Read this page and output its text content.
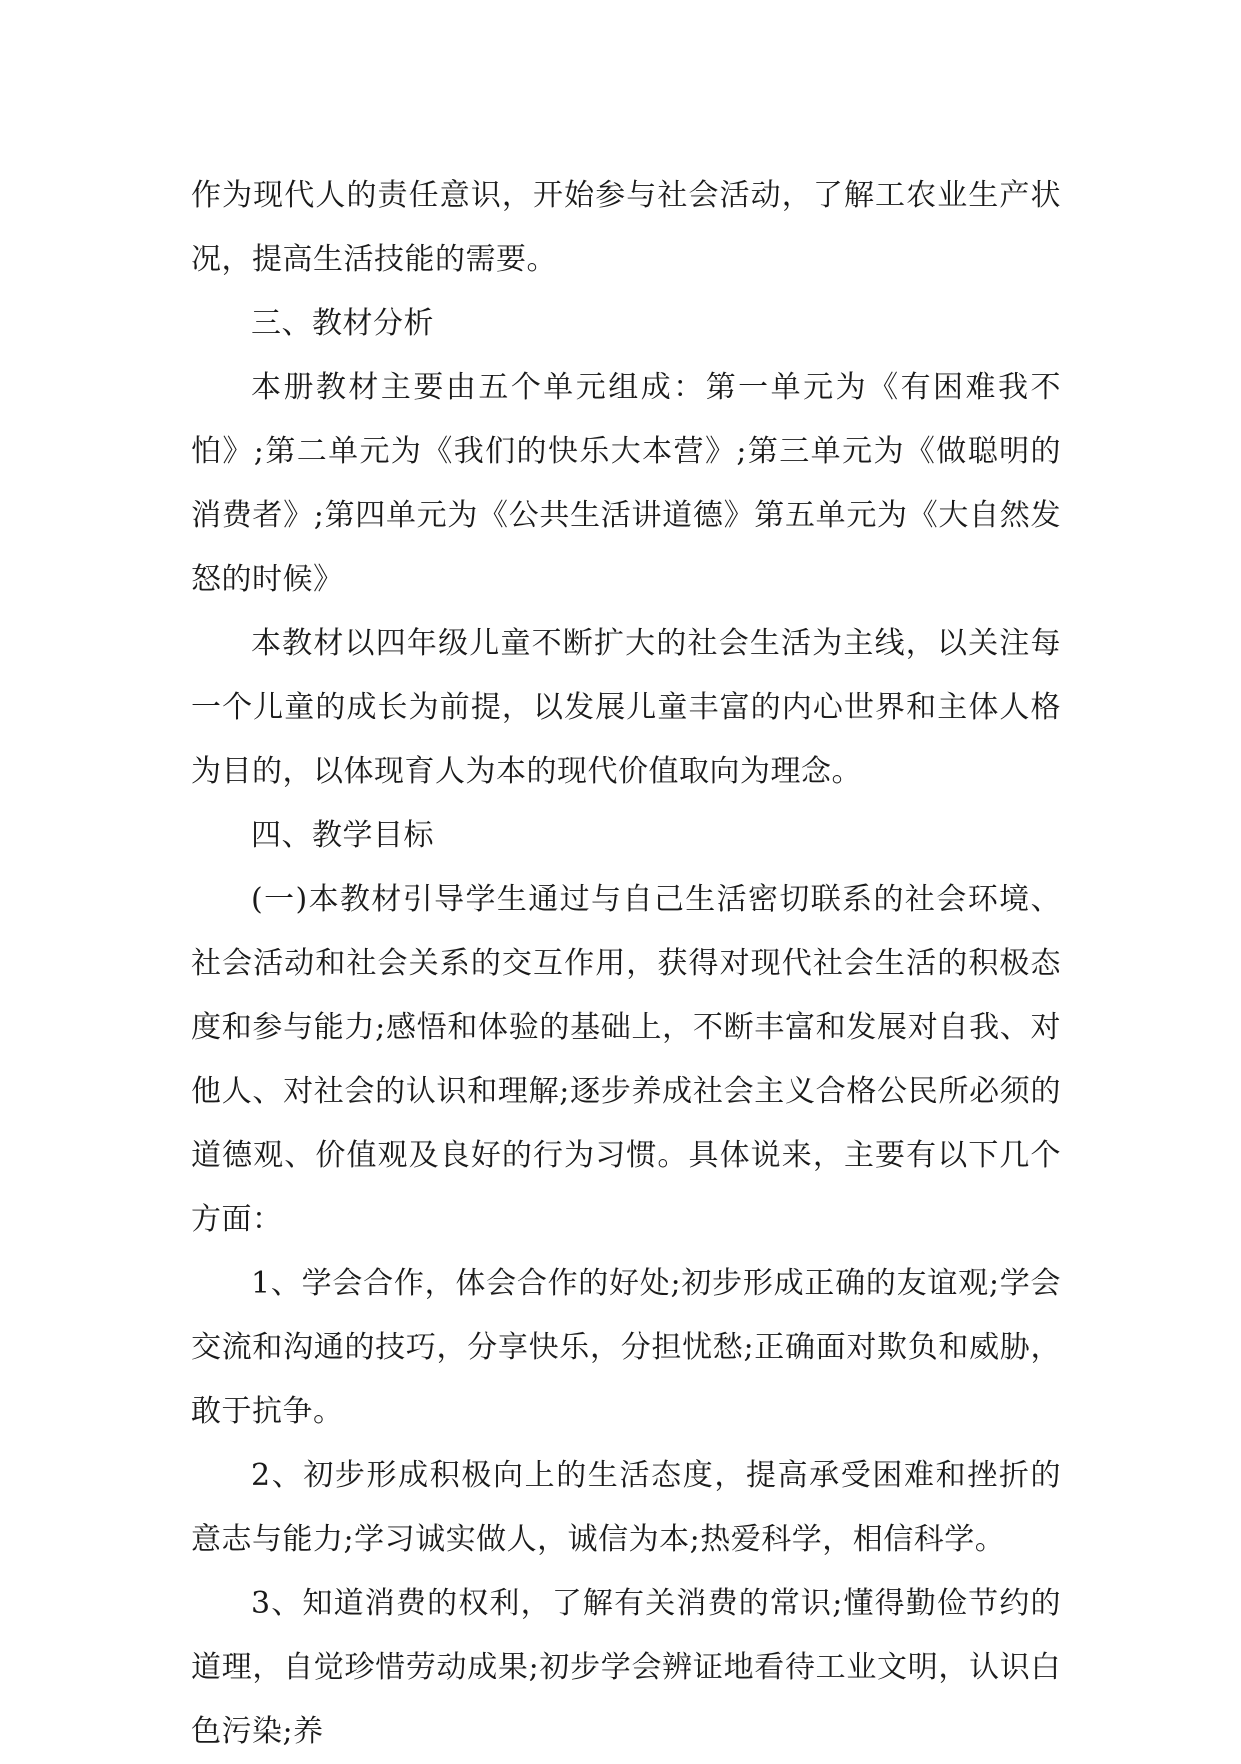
作为现代人的责任意识，开始参与社会活动，了解工农业生产状况，提高生活技能的需要。

三、教材分析

本册教材主要由五个单元组成：第一单元为《有困难我不怕》;第二单元为《我们的快乐大本营》;第三单元为《做聪明的消费者》;第四单元为《公共生活讲道德》第五单元为《大自然发怒的时候》

本教材以四年级儿童不断扩大的社会生活为主线，以关注每一个儿童的成长为前提，以发展儿童丰富的内心世界和主体人格为目的，以体现育人为本的现代价值取向为理念。

四、教学目标

(一)本教材引导学生通过与自己生活密切联系的社会环境、社会活动和社会关系的交互作用，获得对现代社会生活的积极态度和参与能力;感悟和体验的基础上，不断丰富和发展对自我、对他人、对社会的认识和理解;逐步养成社会主义合格公民所必须的道德观、价值观及良好的行为习惯。具体说来，主要有以下几个方面：

1、学会合作，体会合作的好处;初步形成正确的友谊观;学会交流和沟通的技巧，分享快乐，分担忧愁;正确面对欺负和威胁，敢于抗争。

2、初步形成积极向上的生活态度，提高承受困难和挫折的意志与能力;学习诚实做人，诚信为本;热爱科学，相信科学。

3、知道消费的权利，了解有关消费的常识;懂得勤俭节约的道理，自觉珍惜劳动成果;初步学会辨证地看待工业文明，认识白色污染;养
